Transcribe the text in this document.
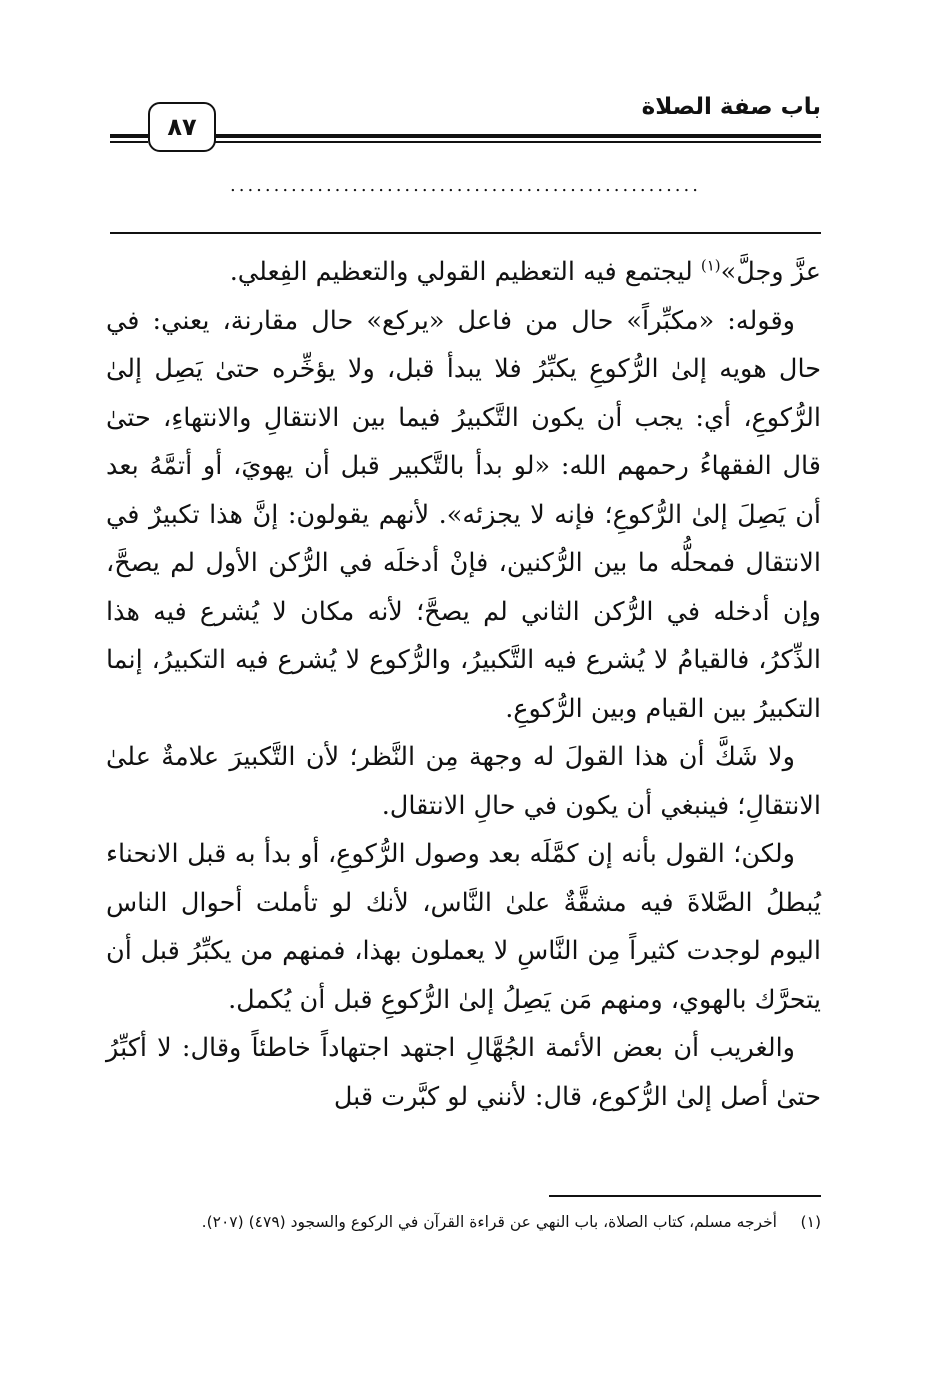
باب صفة الصلاة
٨٧
......................................................

عزَّ وجلَّ»$^{(١)}$ ليجتمع فيه التعظيم القولي والتعظيم الفِعلي.

وقوله: «مكبِّراً» حال من فاعل «يركع» حال مقارنة، يعني: في حال هويه إلىٰ الرُّكوعِ يكبِّرُ فلا يبدأ قبل، ولا يؤخِّره حتىٰ يَصِل إلىٰ الرُّكوعِ، أي: يجب أن يكون التَّكبيرُ فيما بين الانتقالِ والانتهاءِ، حتىٰ قال الفقهاءُ رحمهم الله: «لو بدأ بالتَّكبير قبل أن يهويَ، أو أتمَّهُ بعد أن يَصِلَ إلىٰ الرُّكوعِ؛ فإنه لا يجزئه». لأنهم يقولون: إنَّ هذا تكبيرٌ في الانتقال فمحلُّه ما بين الرُّكنين، فإنْ أدخلَه في الرُّكن الأول لم يصحَّ، وإن أدخله في الرُّكن الثاني لم يصحَّ؛ لأنه مكان لا يُشرع فيه هذا الذِّكرُ، فالقيامُ لا يُشرع فيه التَّكبيرُ، والرُّكوع لا يُشرع فيه التكبيرُ، إنما التكبيرُ بين القيام وبين الرُّكوعِ.

ولا شَكَّ أن هذا القولَ له وجهة مِن النَّظر؛ لأن التَّكبيرَ علامةٌ علىٰ الانتقالِ؛ فينبغي أن يكون في حالِ الانتقال.

ولكن؛ القول بأنه إن كمَّلَه بعد وصول الرُّكوعِ، أو بدأ به قبل الانحناء يُبطلُ الصَّلاةَ فيه مشقَّةٌ علىٰ النَّاس، لأنك لو تأملت أحوال الناس اليوم لوجدت كثيراً مِن النَّاسِ لا يعملون بهذا، فمنهم من يكبِّرُ قبل أن يتحرَّك بالهوي، ومنهم مَن يَصِلُ إلىٰ الرُّكوعِ قبل أن يُكمل.

والغريب أن بعض الأئمة الجُهَّالِ اجتهد اجتهاداً خاطئاً وقال: لا أكبِّرُ حتىٰ أصل إلىٰ الرُّكوع، قال: لأنني لو كبَّرت قبل

(١)
أخرجه مسلم، كتاب الصلاة، باب النهي عن قراءة القرآن في الركوع والسجود (٤٧٩) (٢٠٧).
